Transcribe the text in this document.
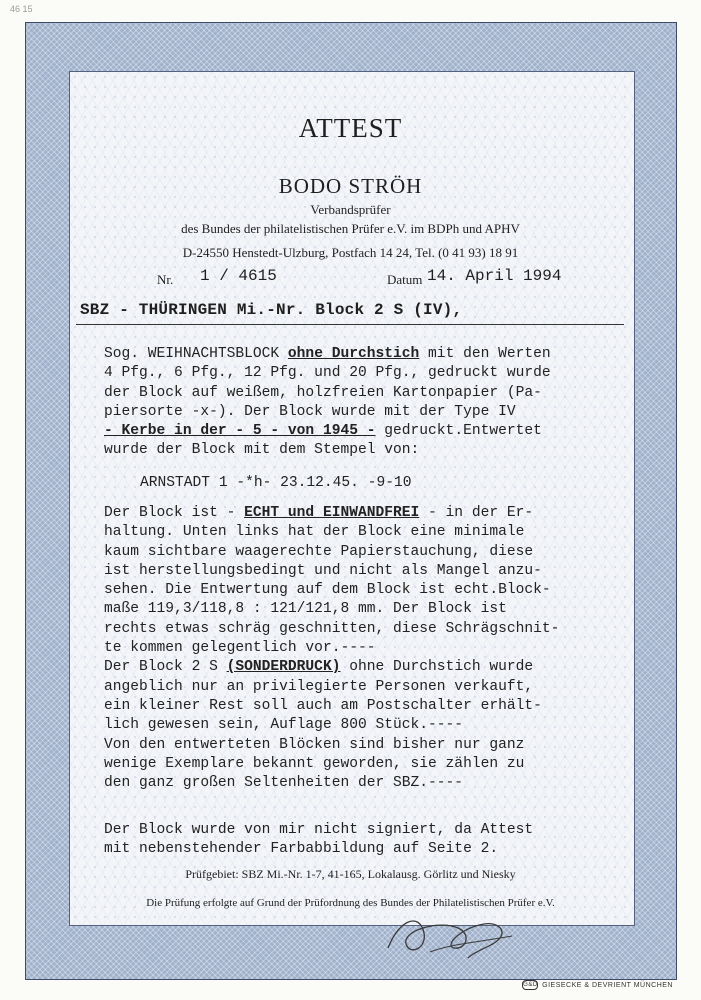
46 15
ATTEST
BODO STRÖH
Verbandsprüfer
des Bundes der philatelistischen Prüfer e.V. im BDPh und APHV
D-24550 Henstedt-Ulzburg, Postfach 14 24, Tel. (0 41 93) 18 91
Nr. 1 / 4615	Datum 14. April 1994
SBZ - THÜRINGEN Mi.-Nr. Block 2 S (IV),
Sog. WEIHNACHTSBLOCK ohne Durchstich mit den Werten
4 Pfg., 6 Pfg., 12 Pfg. und 20 Pfg., gedruckt wurde
der Block auf weißem, holzfreien Kartonpapier (Pa-
piersorte -x-). Der Block wurde mit der Type IV
- Kerbe in der - 5 - von 1945 - gedruckt.Entwertet
wurde der Block mit dem Stempel von:
ARNSTADT 1 -*h- 23.12.45. -9-10
Der Block ist - ECHT und EINWANDFREI - in der Er-
haltung. Unten links hat der Block eine minimale
kaum sichtbare waagerechte Papierstauchung, diese
ist herstellungsbedingt und nicht als Mangel anzu-
sehen. Die Entwertung auf dem Block ist echt.Block-
maße 119,3/118,8 : 121/121,8 mm. Der Block ist
rechts etwas schräg geschnitten, diese Schrägschnit-
te kommen gelegentlich vor.----
Der Block 2 S (SONDERDRUCK) ohne Durchstich wurde
angeblich nur an privilegierte Personen verkauft,
ein kleiner Rest soll auch am Postschalter erhält-
lich gewesen sein, Auflage 800 Stück.----
Von den entwerteten Blöcken sind bisher nur ganz
wenige Exemplare bekannt geworden, sie zählen zu
den ganz großen Seltenheiten der SBZ.----
Der Block wurde von mir nicht signiert, da Attest
mit nebenstehender Farbabbildung auf Seite 2.
Prüfgebiet: SBZ Mi.-Nr. 1-7, 41-165, Lokalausg. Görlitz und Niesky
Die Prüfung erfolgte auf Grund der Prüfordnung des Bundes der Philatelistischen Prüfer e.V.
G&D GIESECKE & DEVRIENT MÜNCHEN
